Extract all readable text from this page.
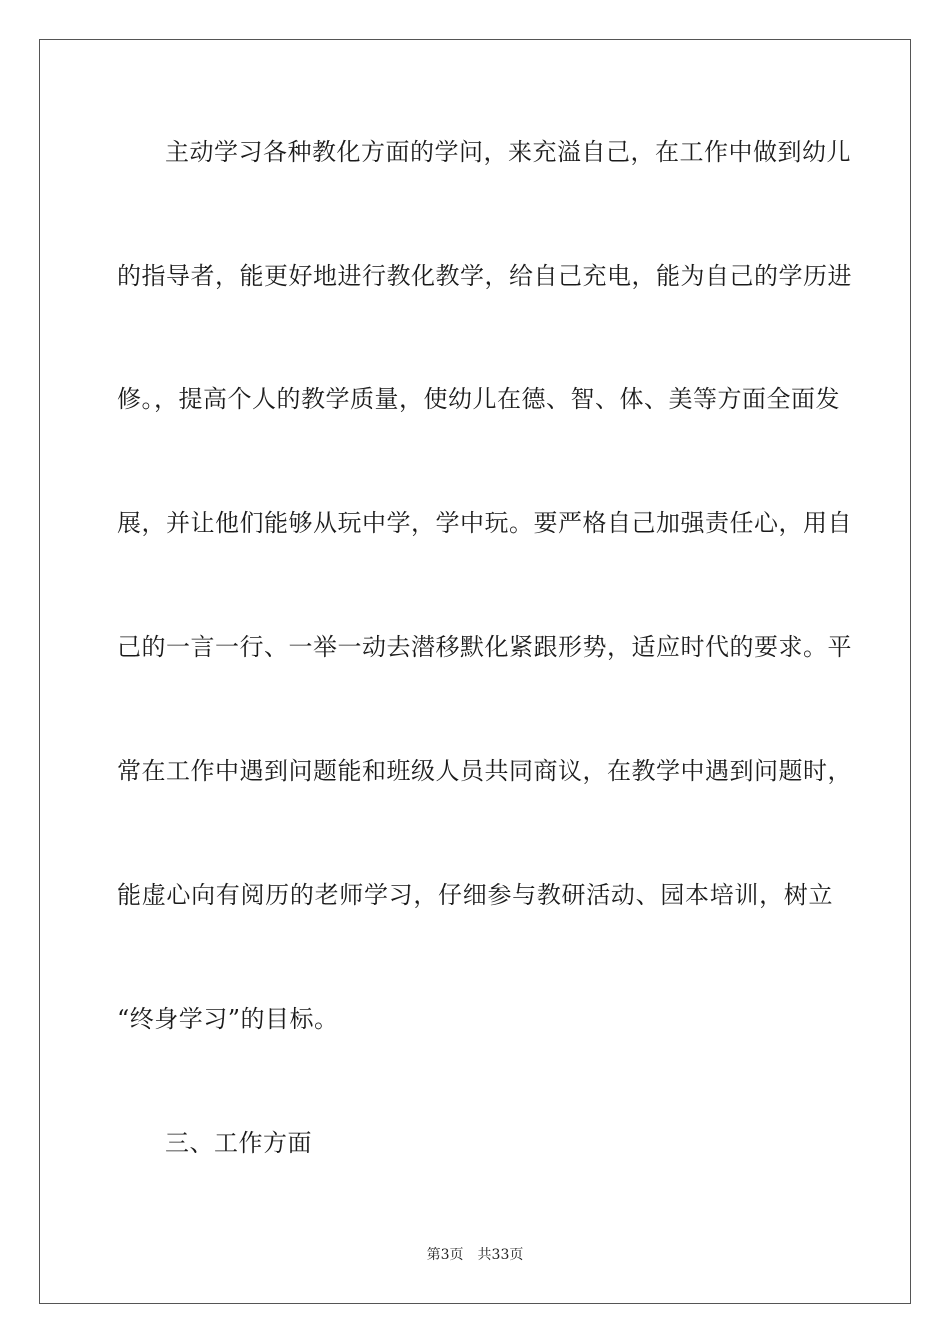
主动学习各种教化方面的学问，来充溢自己，在工作中做到幼儿
的指导者，能更好地进行教化教学，给自己充电，能为自己的学历进
修。，提高个人的教学质量，使幼儿在德、智、体、美等方面全面发
展，并让他们能够从玩中学，学中玩。要严格自己加强责任心，用自
己的一言一行、一举一动去潜移默化紧跟形势，适应时代的要求。平
常在工作中遇到问题能和班级人员共同商议，在教学中遇到问题时，
能虚心向有阅历的老师学习，仔细参与教研活动、园本培训，树立
“终身学习”的目标。
三、工作方面
第3页 共33页
